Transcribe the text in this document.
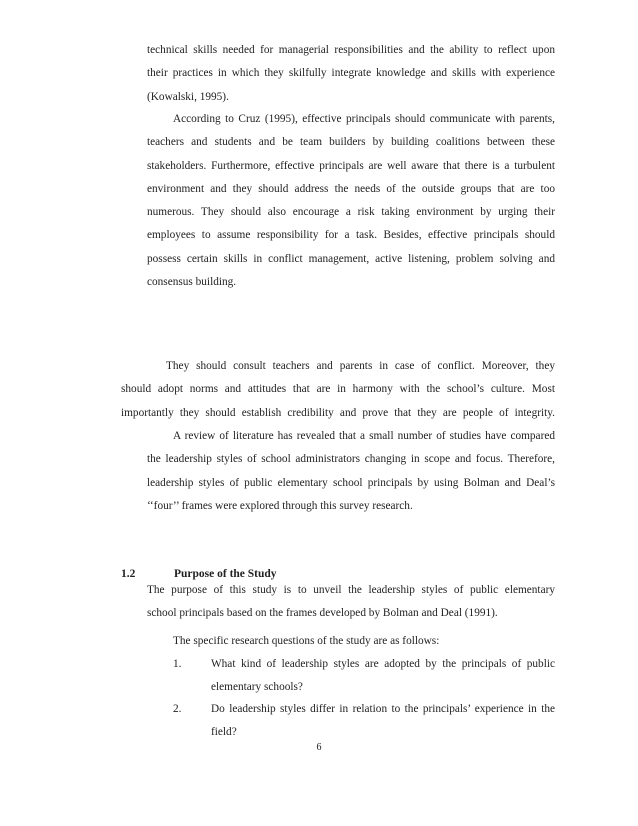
technical skills needed for managerial responsibilities and the ability to reflect upon
their practices in which they skilfully integrate knowledge and skills with experience
(Kowalski, 1995).
According to Cruz (1995), effective principals should communicate with parents,
teachers and students and be team builders by building coalitions between these
stakeholders. Furthermore, effective principals are well aware that there is a turbulent
environment and they should address the needs of the outside groups that are too
numerous. They should also encourage a risk taking environment by urging their
employees to assume responsibility for a task. Besides, effective principals should
possess certain skills in conflict management, active listening, problem solving and
consensus building.
They should consult teachers and parents in case of conflict. Moreover, they
should adopt norms and attitudes that are in harmony with the school’s culture. Most
importantly they should establish credibility and prove that they are people of integrity.
A review of literature has revealed that a small number of studies have compared
the leadership styles of school administrators changing in scope and focus. Therefore,
leadership styles of public elementary school principals by using Bolman and Deal’s
‘‘four’’ frames were explored through this survey research.
1.2	Purpose of the Study
The purpose of this study is to unveil the leadership styles of public elementary
school principals based on the frames developed by Bolman and Deal (1991).
The specific research questions of the study are as follows:
1.	What kind of leadership styles are adopted by the principals of public
elementary schools?
2.	Do leadership styles differ in relation to the principals’ experience in the
field?
6
